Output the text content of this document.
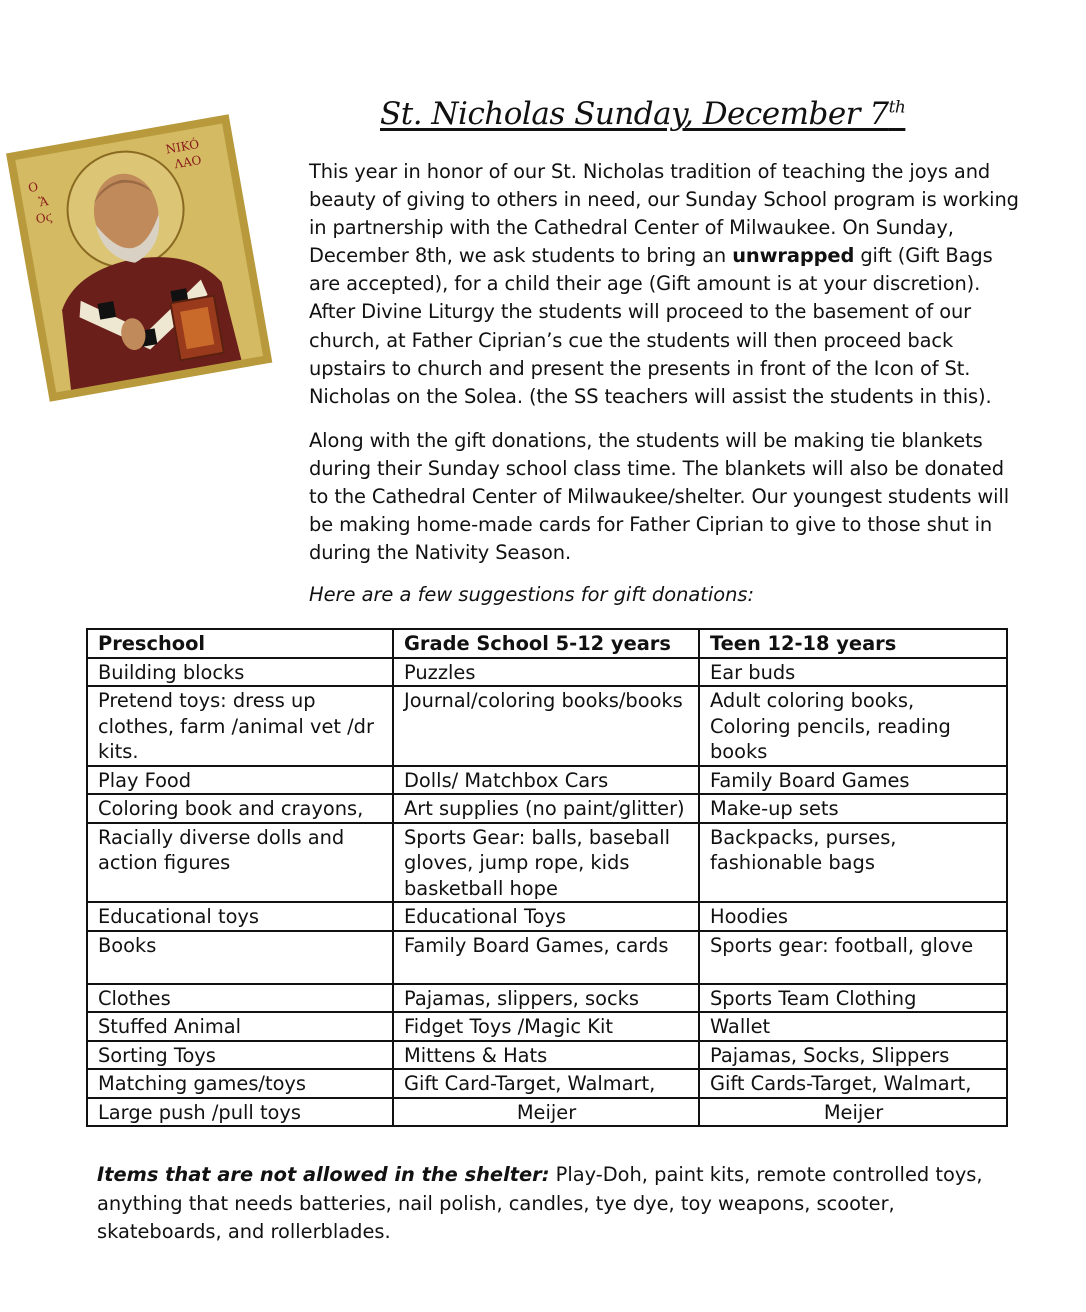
O
Ἅ
Οϛ
NIKÓ
ΛΑΟ
St. Nicholas Sunday, December 7th

This year in honor of our St. Nicholas tradition of teaching the joys and beauty of giving to others in need, our Sunday School program is working in partnership with the Cathedral Center of Milwaukee. On Sunday, December 8th, we ask students to bring an unwrapped gift (Gift Bags are accepted), for a child their age (Gift amount is at your discretion). After Divine Liturgy the students will proceed to the basement of our church, at Father Ciprian’s cue the students will then proceed back upstairs to church and present the presents in front of the Icon of St. Nicholas on the Solea. (the SS teachers will assist the students in this).

Along with the gift donations, the students will be making tie blankets during their Sunday school class time. The blankets will also be donated to the Cathedral Center of Milwaukee/shelter. Our youngest students will be making home-made cards for Father Ciprian to give to those shut in during the Nativity Season.

Here are a few suggestions for gift donations:

Preschool	Grade School 5-12 years	Teen 12-18 years
Building blocks	Puzzles	Ear buds
Pretend toys: dress up clothes, farm /animal vet /dr kits.	Journal/coloring books/books	Adult coloring books, Coloring pencils, reading books
Play Food	Dolls/ Matchbox Cars	Family Board Games
Coloring book and crayons,	Art supplies (no paint/glitter)	Make-up sets
Racially diverse dolls and action figures	Sports Gear: balls, baseball gloves, jump rope, kids basketball hope	Backpacks, purses, fashionable bags
Educational toys	Educational Toys	Hoodies
Books	Family Board Games, cards	Sports gear: football, glove
Clothes	Pajamas, slippers, socks	Sports Team Clothing
Stuffed Animal	Fidget Toys /Magic Kit	Wallet
Sorting Toys	Mittens & Hats	Pajamas, Socks, Slippers
Matching games/toys	Gift Card-Target, Walmart,	Gift Cards-Target, Walmart,
Large push /pull toys	Meijer	Meijer

Items that are not allowed in the shelter: Play-Doh, paint kits, remote controlled toys, anything that needs batteries, nail polish, candles, tye dye, toy weapons, scooter, skateboards, and rollerblades.
